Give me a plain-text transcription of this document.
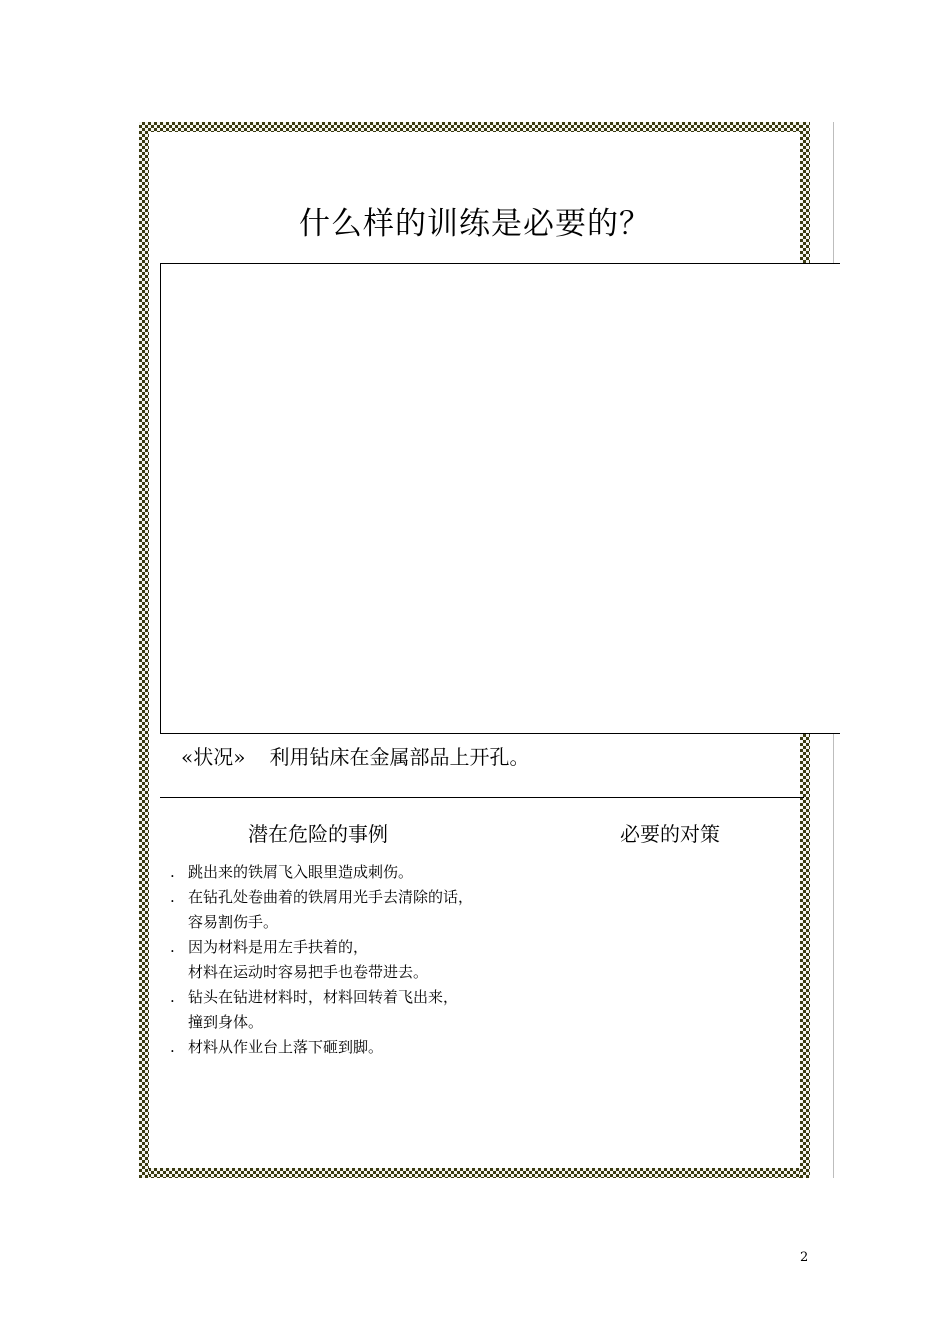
什么样的训练是必要的？
«状况» 利用钻床在金属部品上开孔。
潜在危险的事例	必要的对策
. 跳出来的铁屑飞入眼里造成刺伤。
. 在钻孔处卷曲着的铁屑用光手去清除的话，
容易割伤手。
. 因为材料是用左手扶着的，
材料在运动时容易把手也卷带进去。
. 钻头在钻进材料时，材料回转着飞出来，
撞到身体。
. 材料从作业台上落下砸到脚。
2
